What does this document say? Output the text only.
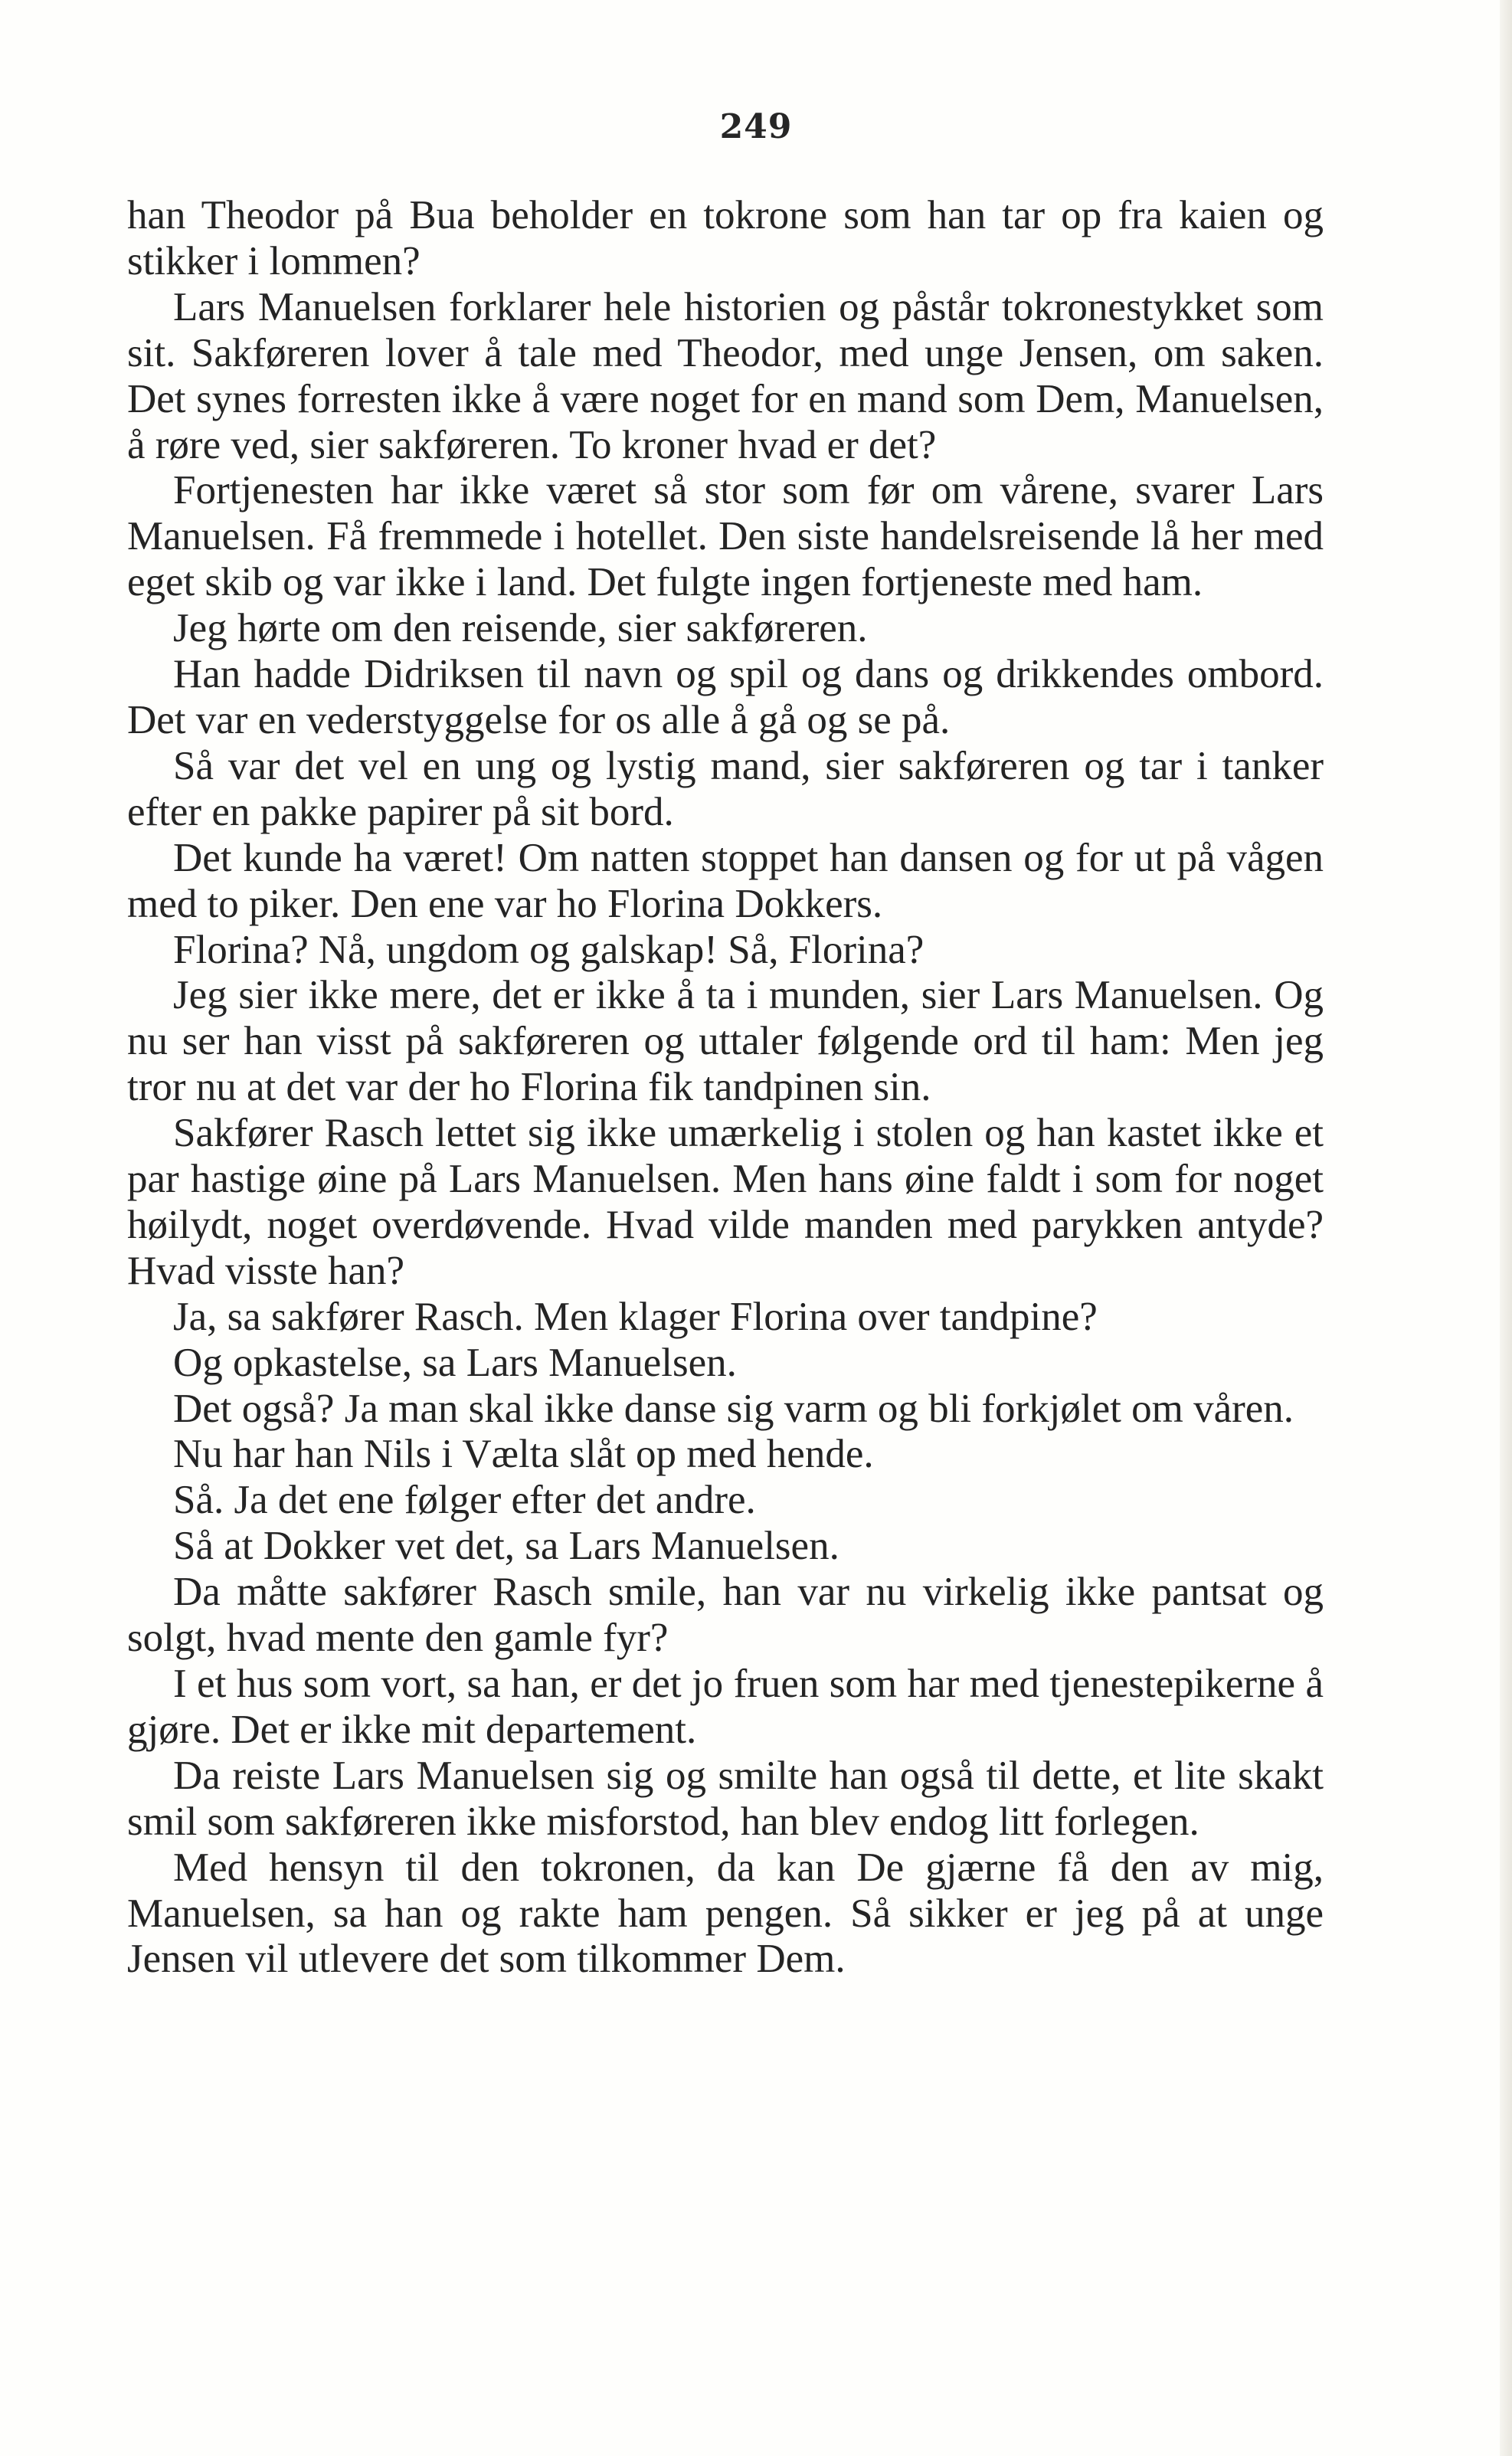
249

han Theodor på Bua beholder en tokrone som han tar op fra kaien og stikker i lommen?

Lars Manuelsen forklarer hele historien og påstår tokronestykket som sit. Sakføreren lover å tale med Theodor, med unge Jensen, om saken. Det synes forresten ikke å være noget for en mand som Dem, Manuelsen, å røre ved, sier sakføreren. To kroner hvad er det?

Fortjenesten har ikke været så stor som før om vårene, svarer Lars Manuelsen. Få fremmede i hotellet. Den siste handelsreisende lå her med eget skib og var ikke i land. Det fulgte ingen fortjeneste med ham.

Jeg hørte om den reisende, sier sakføreren.

Han hadde Didriksen til navn og spil og dans og drikkendes ombord. Det var en vederstyggelse for os alle å gå og se på.

Så var det vel en ung og lystig mand, sier sakføreren og tar i tanker efter en pakke papirer på sit bord.

Det kunde ha været! Om natten stoppet han dansen og for ut på vågen med to piker. Den ene var ho Florina Dokkers.

Florina? Nå, ungdom og galskap! Så, Florina?

Jeg sier ikke mere, det er ikke å ta i munden, sier Lars Manuelsen. Og nu ser han visst på sakføreren og uttaler følgende ord til ham: Men jeg tror nu at det var der ho Florina fik tandpinen sin.

Sakfører Rasch lettet sig ikke umærkelig i stolen og han kastet ikke et par hastige øine på Lars Manuelsen. Men hans øine faldt i som for noget høilydt, noget overdøvende. Hvad vilde manden med parykken antyde? Hvad visste han?

Ja, sa sakfører Rasch. Men klager Florina over tandpine?

Og opkastelse, sa Lars Manuelsen.

Det også? Ja man skal ikke danse sig varm og bli forkjølet om våren.

Nu har han Nils i Vælta slåt op med hende.

Så. Ja det ene følger efter det andre.

Så at Dokker vet det, sa Lars Manuelsen.

Da måtte sakfører Rasch smile, han var nu virkelig ikke pantsat og solgt, hvad mente den gamle fyr?

I et hus som vort, sa han, er det jo fruen som har med tjenestepikerne å gjøre. Det er ikke mit departement.

Da reiste Lars Manuelsen sig og smilte han også til dette, et lite skakt smil som sakføreren ikke misforstod, han blev endog litt forlegen.

Med hensyn til den tokronen, da kan De gjærne få den av mig, Manuelsen, sa han og rakte ham pengen. Så sikker er jeg på at unge Jensen vil utlevere det som tilkommer Dem.
